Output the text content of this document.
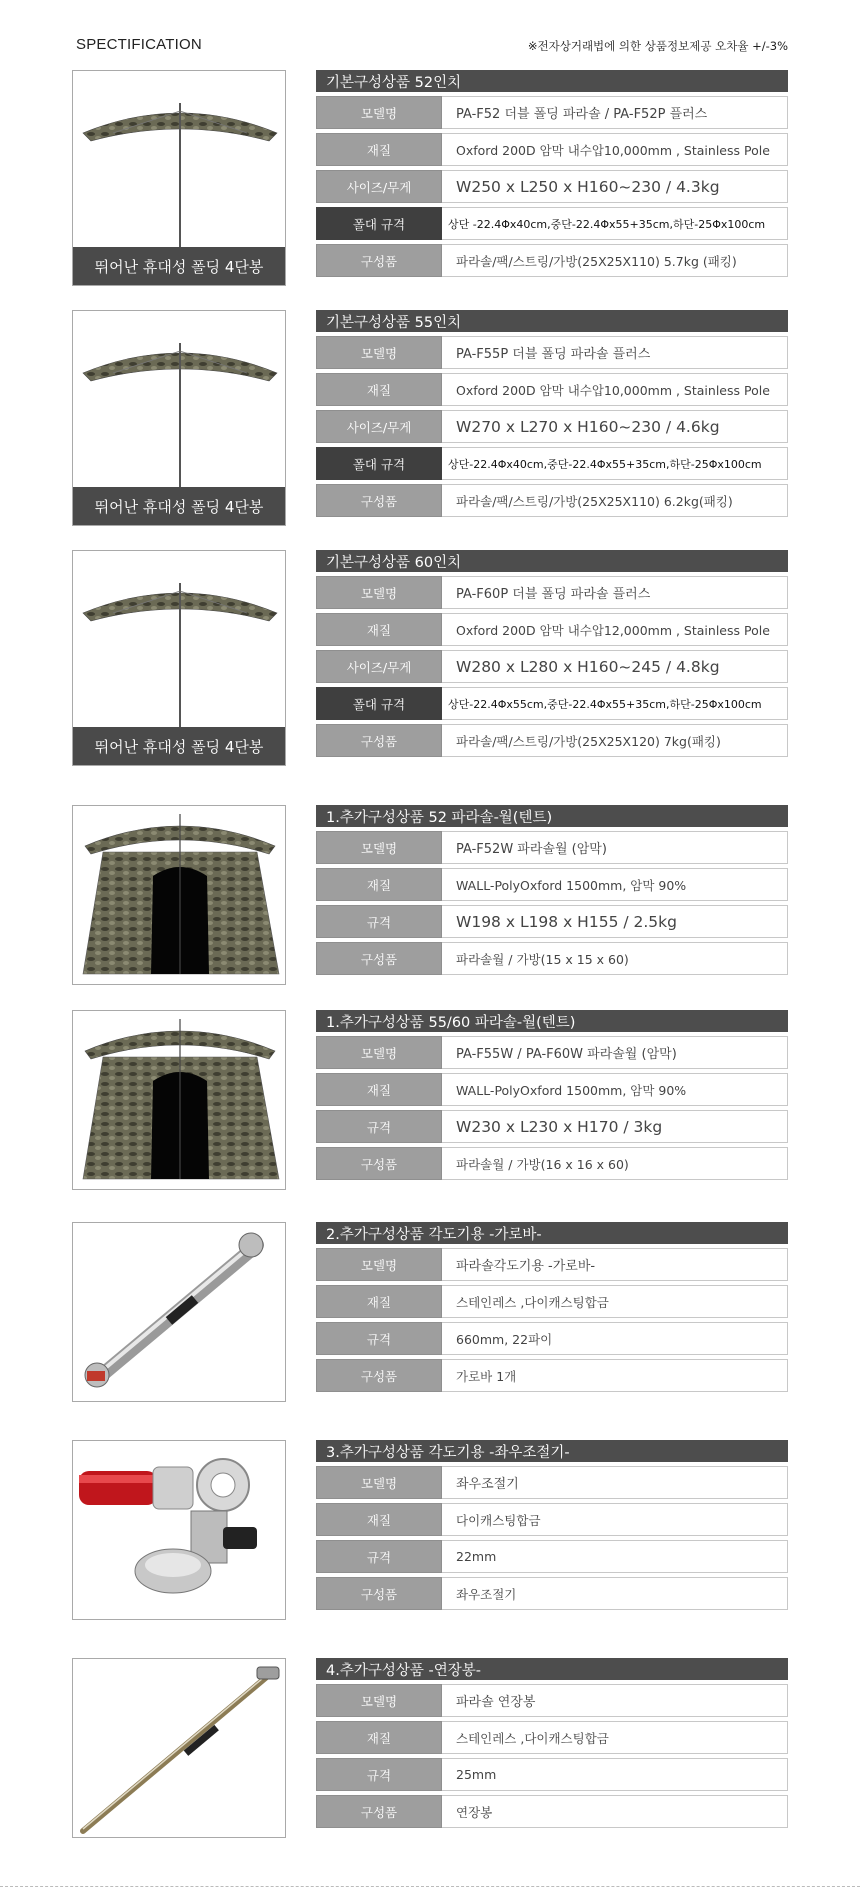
SPECTIFICATION	※전자상거래법에 의한 상품정보제공 오차율 +/-3%
뛰어난 휴대성 폴딩 4단봉
기본구성상품 52인치
모델명	PA-F52 더블 폴딩 파라솔 / PA-F52P 플러스
재질	Oxford 200D 암막 내수압10,000mm , Stainless Pole
사이즈/무게	W250 x L250 x H160~230 / 4.3kg
폴대 규격	상단 -22.4Φx40cm,중단-22.4Φx55+35cm,하단-25Φx100cm
구성품	파라솔/팩/스트링/가방(25X25X110) 5.7kg (패킹)
뛰어난 휴대성 폴딩 4단봉
기본구성상품 55인치
모델명	PA-F55P 더블 폴딩 파라솔 플러스
재질	Oxford 200D 암막 내수압10,000mm , Stainless Pole
사이즈/무게	W270 x L270 x H160~230 / 4.6kg
폴대 규격	상단-22.4Φx40cm,중단-22.4Φx55+35cm,하단-25Φx100cm
구성품	파라솔/팩/스트링/가방(25X25X110) 6.2kg(패킹)
뛰어난 휴대성 폴딩 4단봉
기본구성상품 60인치
모델명	PA-F60P 더블 폴딩 파라솔 플러스
재질	Oxford 200D 암막 내수압12,000mm , Stainless Pole
사이즈/무게	W280 x L280 x H160~245 / 4.8kg
폴대 규격	상단-22.4Φx55cm,중단-22.4Φx55+35cm,하단-25Φx100cm
구성품	파라솔/팩/스트링/가방(25X25X120) 7kg(패킹)
1.추가구성상품 52 파라솔-월(텐트)
모델명	PA-F52W 파라솔월 (암막)
재질	WALL-PolyOxford 1500mm, 암막 90%
규격	W198 x L198 x H155 / 2.5kg
구성품	파라솔월 / 가방(15 x 15 x 60)
1.추가구성상품 55/60 파라솔-월(텐트)
모델명	PA-F55W / PA-F60W 파라솔월 (암막)
재질	WALL-PolyOxford 1500mm, 암막 90%
규격	W230 x L230 x H170 / 3kg
구성품	파라솔월 / 가방(16 x 16 x 60)
2.추가구성상품 각도기용 -가로바-
모델명	파라솔각도기용 -가로바-
재질	스테인레스 ,다이캐스팅합금
규격	660mm, 22파이
구성품	가로바 1개
3.추가구성상품 각도기용 -좌우조절기-
모델명	좌우조절기
재질	다이캐스팅합금
규격	22mm
구성품	좌우조절기
4.추가구성상품 -연장봉-
모델명	파라솔 연장봉
재질	스테인레스 ,다이캐스팅합금
규격	25mm
구성품	연장봉
